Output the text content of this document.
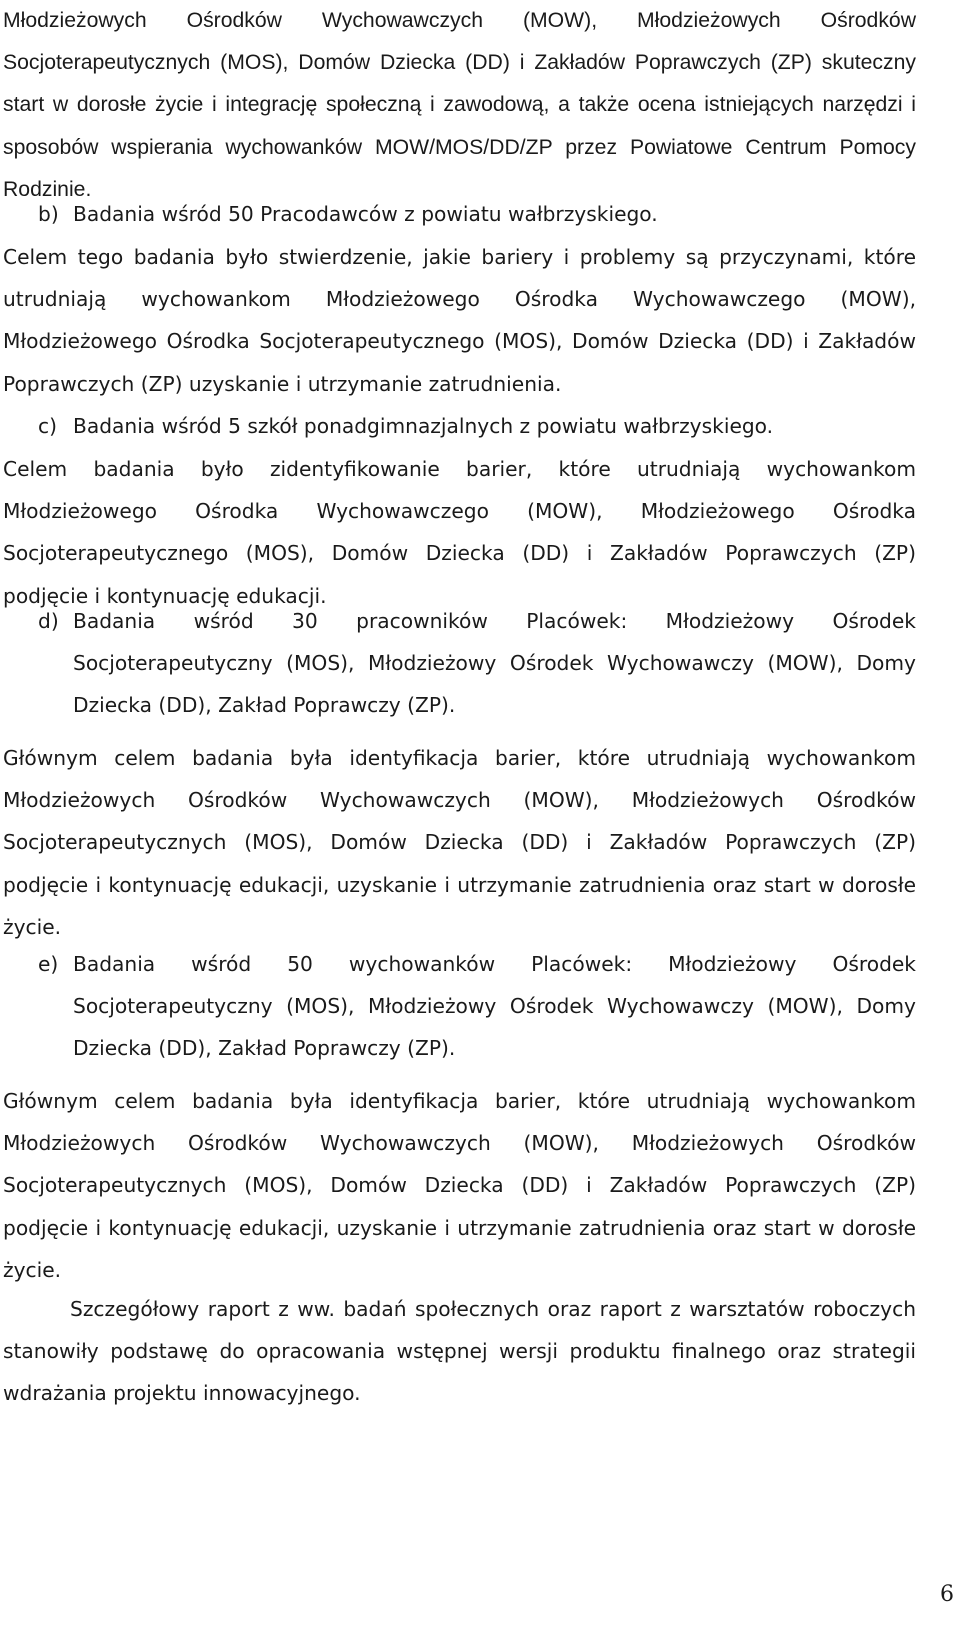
Młodzieżowych Ośrodków Wychowawczych (MOW), Młodzieżowych Ośrodków Socjoterapeutycznych (MOS), Domów Dziecka (DD) i Zakładów Poprawczych (ZP) skuteczny start w dorosłe życie i integrację społeczną i zawodową, a także ocena istniejących narzędzi i sposobów wspierania wychowanków MOW/MOS/DD/ZP przez Powiatowe Centrum Pomocy Rodzinie.

b) Badania wśród 50 Pracodawców z powiatu wałbrzyskiego.

Celem tego badania było stwierdzenie, jakie bariery i problemy są przyczynami, które utrudniają wychowankom Młodzieżowego Ośrodka Wychowawczego (MOW), Młodzieżowego Ośrodka Socjoterapeutycznego (MOS), Domów Dziecka (DD) i Zakładów Poprawczych (ZP) uzyskanie i utrzymanie zatrudnienia.

c) Badania wśród 5 szkół ponadgimnazjalnych z powiatu wałbrzyskiego.

Celem badania było zidentyfikowanie barier, które utrudniają wychowankom Młodzieżowego Ośrodka Wychowawczego (MOW), Młodzieżowego Ośrodka Socjoterapeutycznego (MOS), Domów Dziecka (DD) i Zakładów Poprawczych (ZP) podjęcie i kontynuację edukacji.

d) Badania wśród 30 pracowników Placówek: Młodzieżowy Ośrodek Socjoterapeutyczny (MOS), Młodzieżowy Ośrodek Wychowawczy (MOW), Domy Dziecka (DD), Zakład Poprawczy (ZP).

Głównym celem badania była identyfikacja barier, które utrudniają wychowankom Młodzieżowych Ośrodków Wychowawczych (MOW), Młodzieżowych Ośrodków Socjoterapeutycznych (MOS), Domów Dziecka (DD) i Zakładów Poprawczych (ZP) podjęcie i kontynuację edukacji, uzyskanie i utrzymanie zatrudnienia oraz start w dorosłe życie.

e) Badania wśród 50 wychowanków Placówek: Młodzieżowy Ośrodek Socjoterapeutyczny (MOS), Młodzieżowy Ośrodek Wychowawczy (MOW), Domy Dziecka (DD), Zakład Poprawczy (ZP).

Głównym celem badania była identyfikacja barier, które utrudniają wychowankom Młodzieżowych Ośrodków Wychowawczych (MOW), Młodzieżowych Ośrodków Socjoterapeutycznych (MOS), Domów Dziecka (DD) i Zakładów Poprawczych (ZP) podjęcie i kontynuację edukacji, uzyskanie i utrzymanie zatrudnienia oraz start w dorosłe życie.

Szczegółowy raport z ww. badań społecznych oraz raport z warsztatów roboczych stanowiły podstawę do opracowania wstępnej wersji produktu finalnego oraz strategii wdrażania projektu innowacyjnego.

6
